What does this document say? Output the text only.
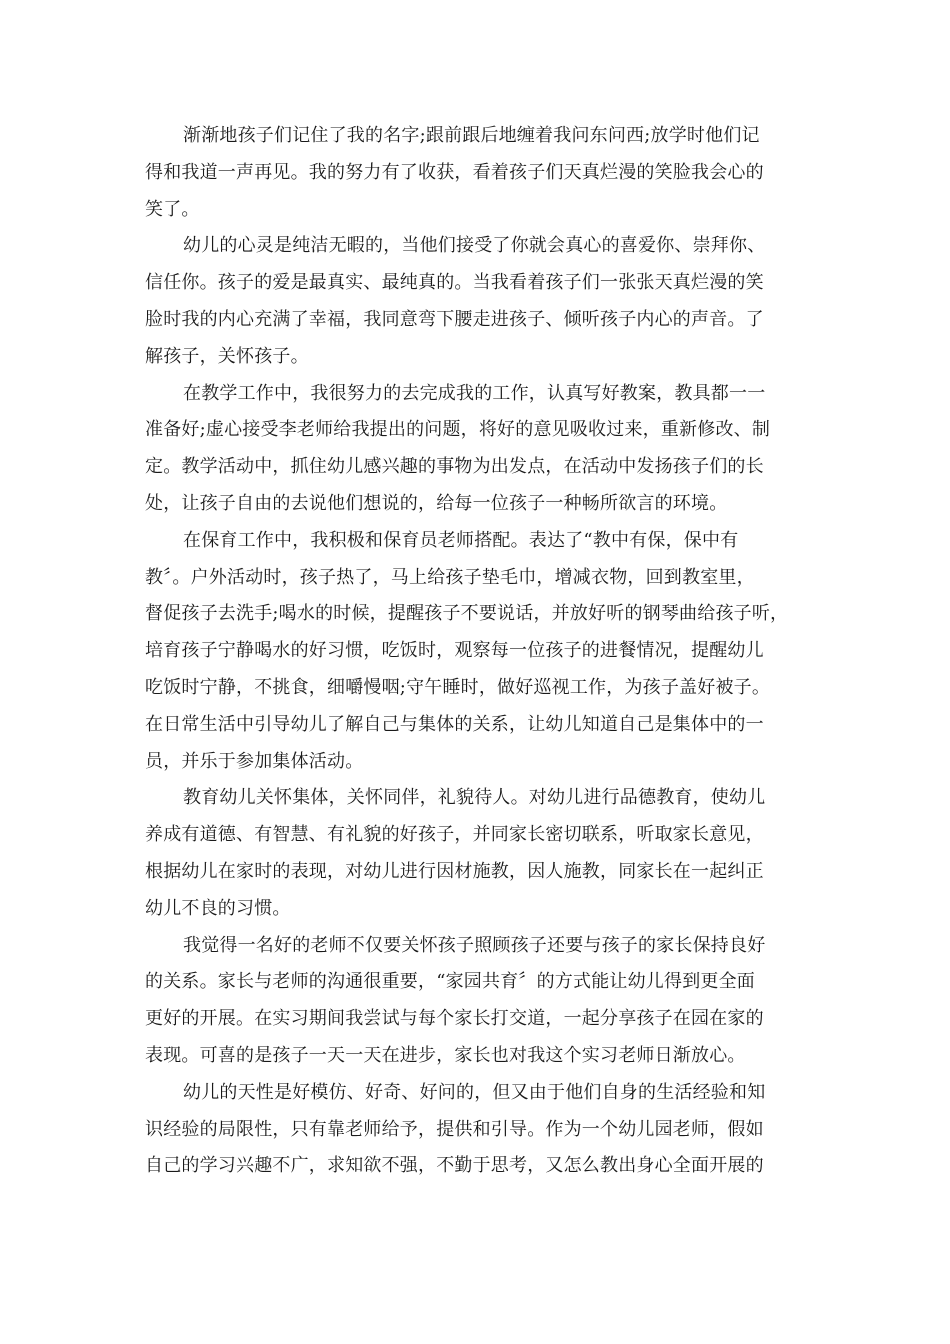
渐渐地孩子们记住了我的名字;跟前跟后地缠着我问东问西;放学时他们记
得和我道一声再见。我的努力有了收获，看着孩子们天真烂漫的笑脸我会心的
笑了。

幼儿的心灵是纯洁无暇的，当他们接受了你就会真心的喜爱你、崇拜你、
信任你。孩子的爱是最真实、最纯真的。当我看着孩子们一张张天真烂漫的笑
脸时我的内心充满了幸福，我同意弯下腰走进孩子、倾听孩子内心的声音。了
解孩子，关怀孩子。

在教学工作中，我很努力的去完成我的工作，认真写好教案，教具都一一
准备好;虚心接受李老师给我提出的问题，将好的意见吸收过来，重新修改、制
定。教学活动中，抓住幼儿感兴趣的事物为出发点，在活动中发扬孩子们的长
处，让孩子自由的去说他们想说的，给每一位孩子一种畅所欲言的环境。

在保育工作中，我积极和保育员老师搭配。表达了“教中有保，保中有
教〞。户外活动时，孩子热了，马上给孩子垫毛巾，增减衣物，回到教室里，
督促孩子去洗手;喝水的时候，提醒孩子不要说话，并放好听的钢琴曲给孩子听，
培育孩子宁静喝水的好习惯，吃饭时，观察每一位孩子的进餐情况，提醒幼儿
吃饭时宁静，不挑食，细嚼慢咽;守午睡时，做好巡视工作，为孩子盖好被子。
在日常生活中引导幼儿了解自己与集体的关系，让幼儿知道自己是集体中的一
员，并乐于参加集体活动。

教育幼儿关怀集体，关怀同伴，礼貌待人。对幼儿进行品德教育，使幼儿
养成有道德、有智慧、有礼貌的好孩子，并同家长密切联系，听取家长意见，
根据幼儿在家时的表现，对幼儿进行因材施教，因人施教，同家长在一起纠正
幼儿不良的习惯。

我觉得一名好的老师不仅要关怀孩子照顾孩子还要与孩子的家长保持良好
的关系。家长与老师的沟通很重要，“家园共育〞的方式能让幼儿得到更全面
更好的开展。在实习期间我尝试与每个家长打交道，一起分享孩子在园在家的
表现。可喜的是孩子一天一天在进步，家长也对我这个实习老师日渐放心。

幼儿的天性是好模仿、好奇、好问的，但又由于他们自身的生活经验和知
识经验的局限性，只有靠老师给予，提供和引导。作为一个幼儿园老师，假如
自己的学习兴趣不广，求知欲不强，不勤于思考，又怎么教出身心全面开展的
